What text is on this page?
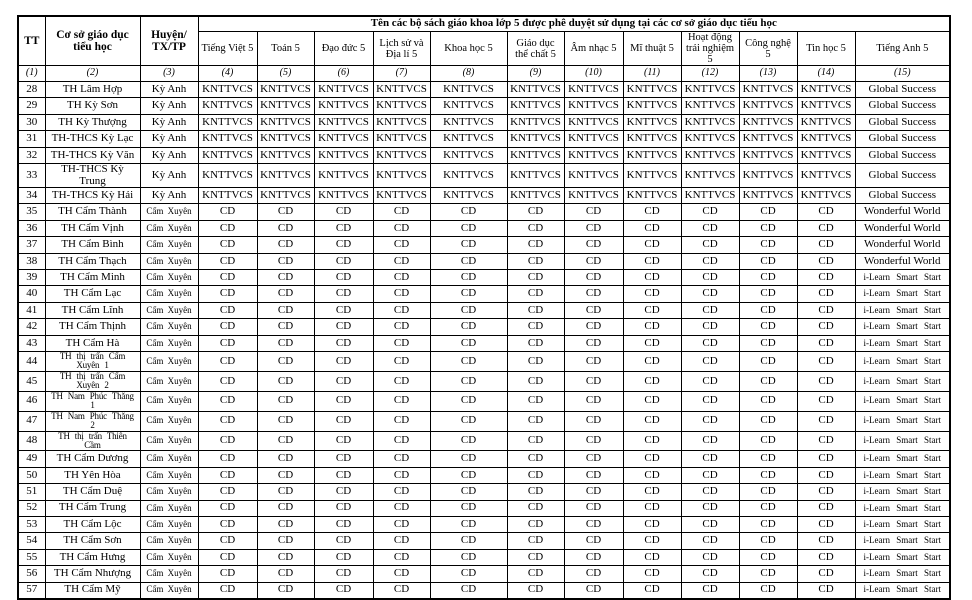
TT	Cơ sở giáo dục tiểu học	Huyện/ TX/TP	Tên các bộ sách giáo khoa lớp 5 được phê duyệt sử dụng tại các cơ sở giáo dục tiểu học											
			Tiếng Việt 5	Toán 5	Đạo đức 5	Lịch sử và Địa lí 5	Khoa học 5	Giáo dục thể chất 5	Âm nhạc 5	Mĩ thuật 5	Hoạt động trải nghiệm 5	Công nghệ 5	Tin học 5	Tiếng Anh 5
(1)	(2)	(3)	(4)	(5)	(6)	(7)	(8)	(9)	(10)	(11)	(12)	(13)	(14)	(15)
28	TH Lâm Hợp	Kỳ Anh	KNTTVCS	KNTTVCS	KNTTVCS	KNTTVCS	KNTTVCS	KNTTVCS	KNTTVCS	KNTTVCS	KNTTVCS	KNTTVCS	KNTTVCS	Global Success
29	TH Kỳ Sơn	Kỳ Anh	KNTTVCS	KNTTVCS	KNTTVCS	KNTTVCS	KNTTVCS	KNTTVCS	KNTTVCS	KNTTVCS	KNTTVCS	KNTTVCS	KNTTVCS	Global Success
30	TH Kỳ Thượng	Kỳ Anh	KNTTVCS	KNTTVCS	KNTTVCS	KNTTVCS	KNTTVCS	KNTTVCS	KNTTVCS	KNTTVCS	KNTTVCS	KNTTVCS	KNTTVCS	Global Success
31	TH-THCS Kỳ Lạc	Kỳ Anh	KNTTVCS	KNTTVCS	KNTTVCS	KNTTVCS	KNTTVCS	KNTTVCS	KNTTVCS	KNTTVCS	KNTTVCS	KNTTVCS	KNTTVCS	Global Success
32	TH-THCS Kỳ Văn	Kỳ Anh	KNTTVCS	KNTTVCS	KNTTVCS	KNTTVCS	KNTTVCS	KNTTVCS	KNTTVCS	KNTTVCS	KNTTVCS	KNTTVCS	KNTTVCS	Global Success
33	TH-THCS Kỳ Trung	Kỳ Anh	KNTTVCS	KNTTVCS	KNTTVCS	KNTTVCS	KNTTVCS	KNTTVCS	KNTTVCS	KNTTVCS	KNTTVCS	KNTTVCS	KNTTVCS	Global Success
34	TH-THCS Kỳ Hải	Kỳ Anh	KNTTVCS	KNTTVCS	KNTTVCS	KNTTVCS	KNTTVCS	KNTTVCS	KNTTVCS	KNTTVCS	KNTTVCS	KNTTVCS	KNTTVCS	Global Success
35	TH Cẩm Thành	Cẩm Xuyên	CD	CD	CD	CD	CD	CD	CD	CD	CD	CD	CD	Wonderful World
36	TH Cẩm Vịnh	Cẩm Xuyên	CD	CD	CD	CD	CD	CD	CD	CD	CD	CD	CD	Wonderful World
37	TH Cẩm Bình	Cẩm Xuyên	CD	CD	CD	CD	CD	CD	CD	CD	CD	CD	CD	Wonderful World
38	TH Cẩm Thạch	Cẩm Xuyên	CD	CD	CD	CD	CD	CD	CD	CD	CD	CD	CD	Wonderful World
39	TH Cẩm Minh	Cẩm Xuyên	CD	CD	CD	CD	CD	CD	CD	CD	CD	CD	CD	i-Learn Smart Start
40	TH Cẩm Lạc	Cẩm Xuyên	CD	CD	CD	CD	CD	CD	CD	CD	CD	CD	CD	i-Learn Smart Start
41	TH Cẩm Lĩnh	Cẩm Xuyên	CD	CD	CD	CD	CD	CD	CD	CD	CD	CD	CD	i-Learn Smart Start
42	TH Cẩm Thịnh	Cẩm Xuyên	CD	CD	CD	CD	CD	CD	CD	CD	CD	CD	CD	i-Learn Smart Start
43	TH Cẩm Hà	Cẩm Xuyên	CD	CD	CD	CD	CD	CD	CD	CD	CD	CD	CD	i-Learn Smart Start
44	TH thị trấn Cẩm Xuyên 1	Cẩm Xuyên	CD	CD	CD	CD	CD	CD	CD	CD	CD	CD	CD	i-Learn Smart Start
45	TH thị trấn Cẩm Xuyên 2	Cẩm Xuyên	CD	CD	CD	CD	CD	CD	CD	CD	CD	CD	CD	i-Learn Smart Start
46	TH Nam Phúc Thăng 1	Cẩm Xuyên	CD	CD	CD	CD	CD	CD	CD	CD	CD	CD	CD	i-Learn Smart Start
47	TH Nam Phúc Thăng 2	Cẩm Xuyên	CD	CD	CD	CD	CD	CD	CD	CD	CD	CD	CD	i-Learn Smart Start
48	TH thị trấn Thiên Cầm	Cẩm Xuyên	CD	CD	CD	CD	CD	CD	CD	CD	CD	CD	CD	i-Learn Smart Start
49	TH Cẩm Dương	Cẩm Xuyên	CD	CD	CD	CD	CD	CD	CD	CD	CD	CD	CD	i-Learn Smart Start
50	TH Yên Hòa	Cẩm Xuyên	CD	CD	CD	CD	CD	CD	CD	CD	CD	CD	CD	i-Learn Smart Start
51	TH Cẩm Duệ	Cẩm Xuyên	CD	CD	CD	CD	CD	CD	CD	CD	CD	CD	CD	i-Learn Smart Start
52	TH Cẩm Trung	Cẩm Xuyên	CD	CD	CD	CD	CD	CD	CD	CD	CD	CD	CD	i-Learn Smart Start
53	TH Cẩm Lộc	Cẩm Xuyên	CD	CD	CD	CD	CD	CD	CD	CD	CD	CD	CD	i-Learn Smart Start
54	TH Cẩm Sơn	Cẩm Xuyên	CD	CD	CD	CD	CD	CD	CD	CD	CD	CD	CD	i-Learn Smart Start
55	TH Cẩm Hưng	Cẩm Xuyên	CD	CD	CD	CD	CD	CD	CD	CD	CD	CD	CD	i-Learn Smart Start
56	TH Cẩm Nhượng	Cẩm Xuyên	CD	CD	CD	CD	CD	CD	CD	CD	CD	CD	CD	i-Learn Smart Start
57	TH Cẩm Mỹ	Cẩm Xuyên	CD	CD	CD	CD	CD	CD	CD	CD	CD	CD	CD	i-Learn Smart Start
